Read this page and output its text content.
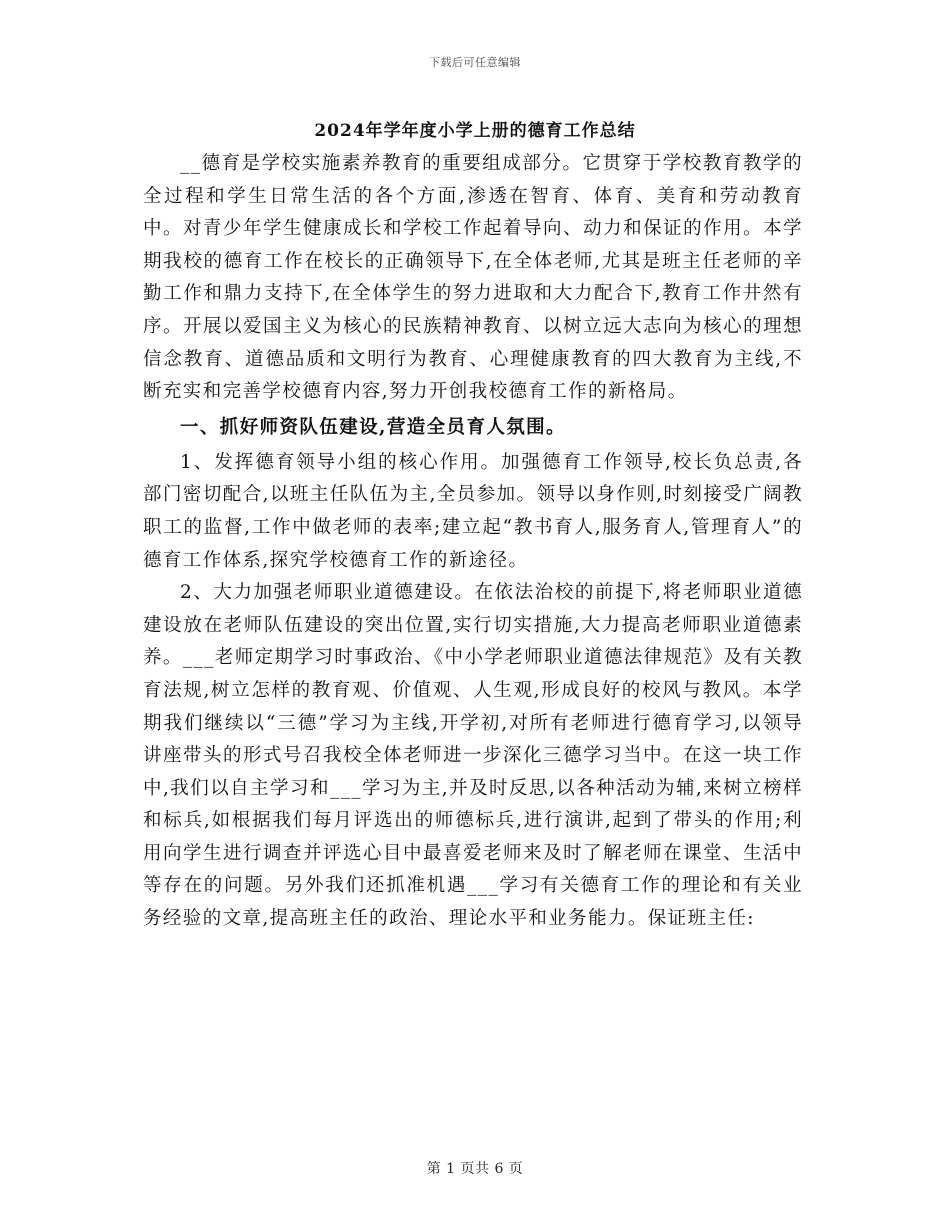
下载后可任意编辑
2024年学年度小学上册的德育工作总结

__德育是学校实施素养教育的重要组成部分。它贯穿于学校教育教学的全过程和学生日常生活的各个方面,渗透在智育、体育、美育和劳动教育中。对青少年学生健康成长和学校工作起着导向、动力和保证的作用。本学期我校的德育工作在校长的正确领导下,在全体老师,尤其是班主任老师的辛勤工作和鼎力支持下,在全体学生的努力进取和大力配合下,教育工作井然有序。开展以爱国主义为核心的民族精神教育、以树立远大志向为核心的理想信念教育、道德品质和文明行为教育、心理健康教育的四大教育为主线,不断充实和完善学校德育内容,努力开创我校德育工作的新格局。

一、抓好师资队伍建设,营造全员育人氛围。

1、发挥德育领导小组的核心作用。加强德育工作领导,校长负总责,各部门密切配合,以班主任队伍为主,全员参加。领导以身作则,时刻接受广阔教职工的监督,工作中做老师的表率;建立起“教书育人,服务育人,管理育人”的德育工作体系,探究学校德育工作的新途径。

2、大力加强老师职业道德建设。在依法治校的前提下,将老师职业道德建设放在老师队伍建设的突出位置,实行切实措施,大力提高老师职业道德素养。___老师定期学习时事政治、《中小学老师职业道德法律规范》及有关教育法规,树立怎样的教育观、价值观、人生观,形成良好的校风与教风。本学期我们继续以“三德”学习为主线,开学初,对所有老师进行德育学习,以领导讲座带头的形式号召我校全体老师进一步深化三德学习当中。在这一块工作中,我们以自主学习和___学习为主,并及时反思,以各种活动为辅,来树立榜样和标兵,如根据我们每月评选出的师德标兵,进行演讲,起到了带头的作用;利用向学生进行调查并评选心目中最喜爱老师来及时了解老师在课堂、生活中等存在的问题。另外我们还抓准机遇___学习有关德育工作的理论和有关业务经验的文章,提高班主任的政治、理论水平和业务能力。保证班主任:

第 1 页共 6 页
